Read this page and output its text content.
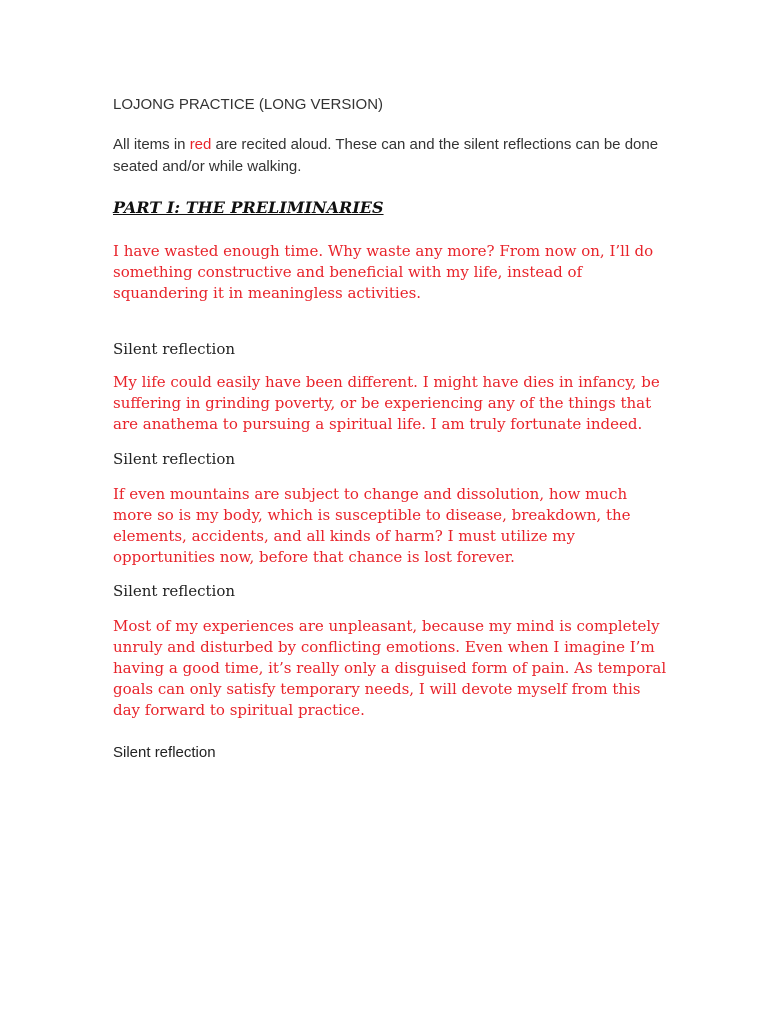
LOJONG PRACTICE (LONG VERSION)

All items in red are recited aloud. These can and the silent reflections can be done seated and/or while walking.

PART I: THE PRELIMINARIES

I have wasted enough time. Why waste any more? From now on, I’ll do something constructive and beneficial with my life, instead of squandering it in meaningless activities.

Silent reflection

My life could easily have been different. I might have dies in infancy, be suffering in grinding poverty, or be experiencing any of the things that are anathema to pursuing a spiritual life. I am truly fortunate indeed.

Silent reflection

If even mountains are subject to change and dissolution, how much more so is my body, which is susceptible to disease, breakdown, the elements, accidents, and all kinds of harm? I must utilize my opportunities now, before that chance is lost forever.

Silent reflection

Most of my experiences are unpleasant, because my mind is completely unruly and disturbed by conflicting emotions. Even when I imagine I’m having a good time, it’s really only a disguised form of pain. As temporal goals can only satisfy temporary needs, I will devote myself from this day forward to spiritual practice.

Silent reflection
